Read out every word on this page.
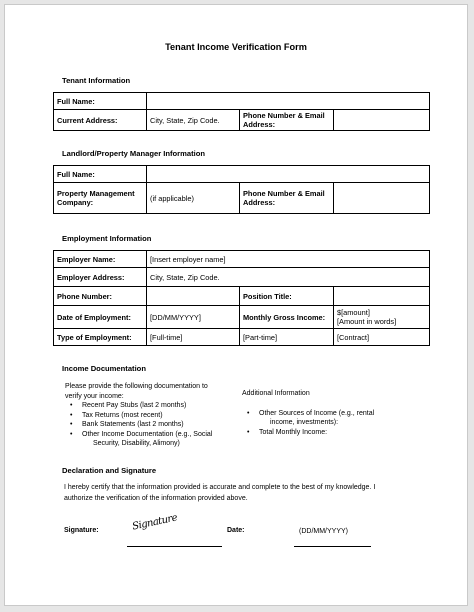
Tenant Income Verification Form
Tenant Information
Full Name:			
Current Address:	City, State, Zip Code.	Phone Number & Email Address:	
Landlord/Property Manager Information
Full Name:			
Property Management Company:	(if applicable)	Phone Number & Email Address:	
Employment Information
Employer Name:	[Insert employer name]		
Employer Address:	City, State, Zip Code.		
Phone Number:		Position Title:	
Date of Employment:	[DD/MM/YYYY]	Monthly Gross Income:	$[amount]
[Amount in words]

Type of Employment:	[Full-time]	[Part-time]	[Contract]
Income Documentation
Please provide the following documentation to
verify your income:
• Recent Pay Stubs (last 2 months)
• Tax Returns (most recent)
• Bank Statements (last 2 months)
• Other Income Documentation (e.g., Social
Security, Disability, Alimony)
Additional Information
• Other Sources of Income (e.g., rental
income, investments):
• Total Monthly Income:
Declaration and Signature
I hereby certify that the information provided is accurate and complete to the best of my knowledge. I
authorize the verification of the information provided above.
Signature:	Signature	Date:	(DD/MM/YYYY)
